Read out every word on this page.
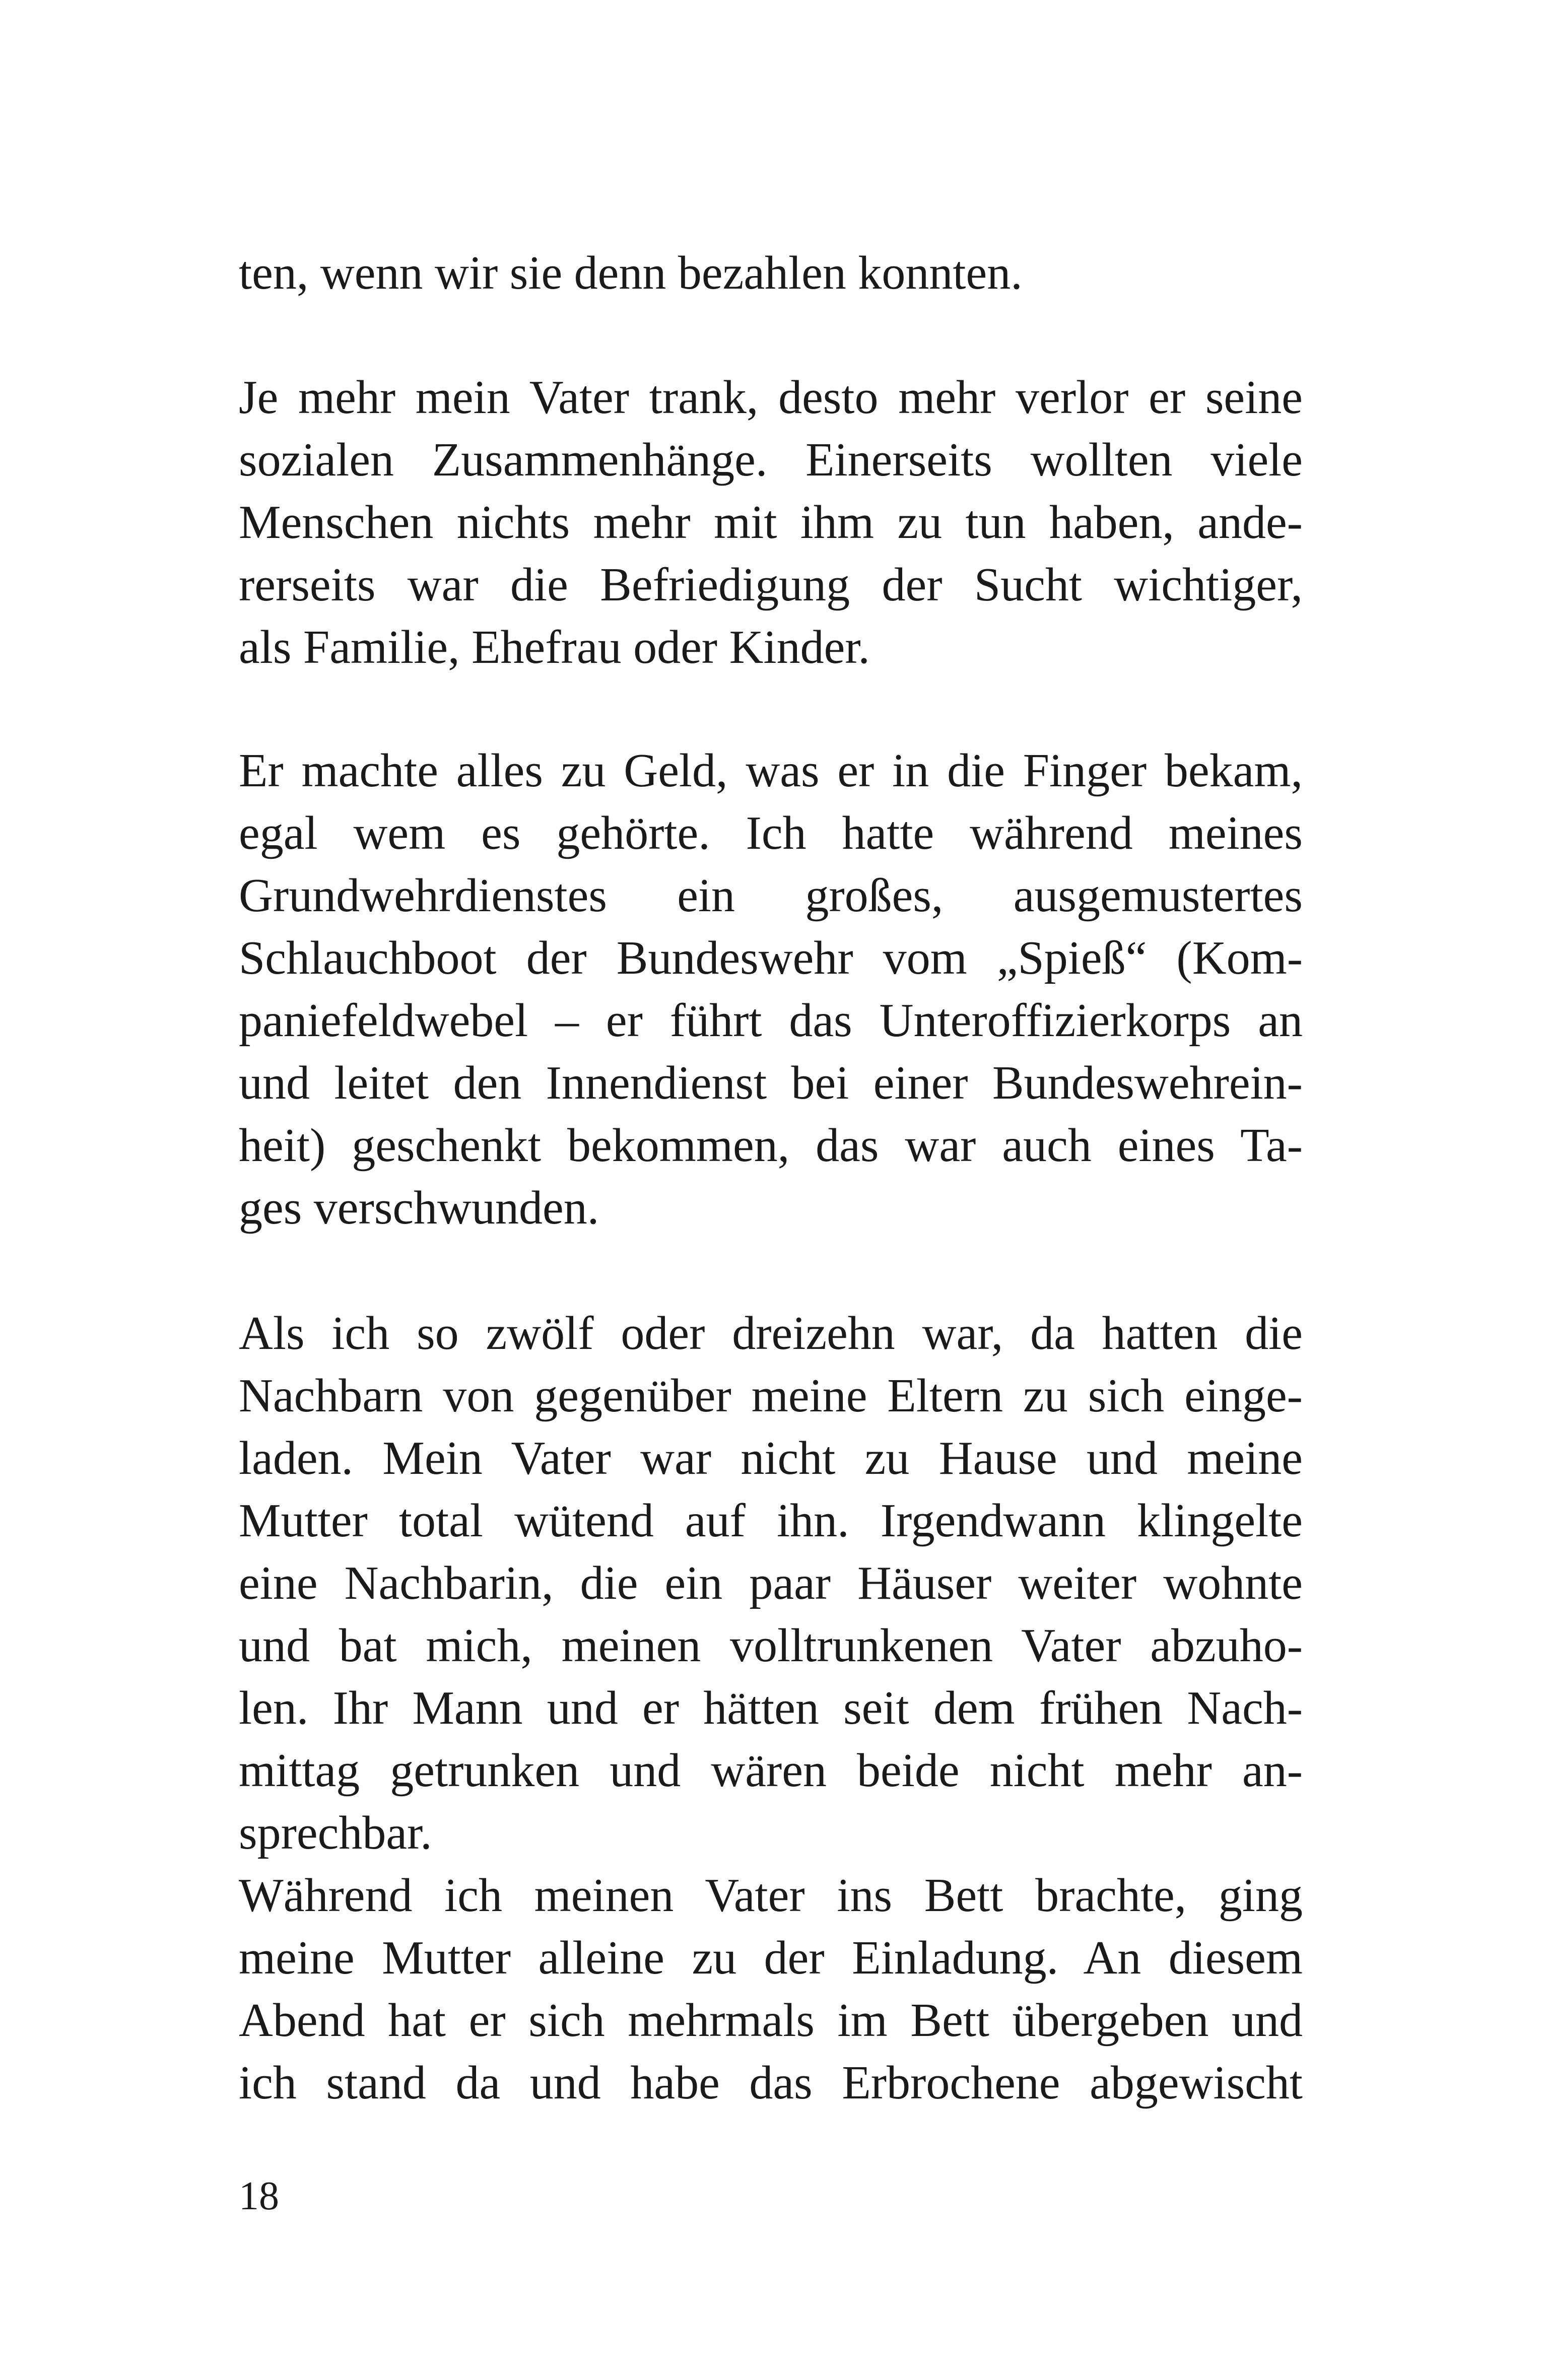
ten, wenn wir sie denn bezahlen konnten.
Je mehr mein Vater trank, desto mehr verlor er seine
sozialen Zusammenhänge. Einerseits wollten viele
Menschen nichts mehr mit ihm zu tun haben, ande-
rerseits war die Befriedigung der Sucht wichtiger,
als Familie, Ehefrau oder Kinder.
Er machte alles zu Geld, was er in die Finger bekam,
egal wem es gehörte. Ich hatte während meines
Grundwehrdienstes ein großes, ausgemustertes
Schlauchboot der Bundeswehr vom „Spieß“ (Kom-
paniefeldwebel – er führt das Unteroffizierkorps an
und leitet den Innendienst bei einer Bundeswehrein-
heit) geschenkt bekommen, das war auch eines Ta-
ges verschwunden.
Als ich so zwölf oder dreizehn war, da hatten die
Nachbarn von gegenüber meine Eltern zu sich einge-
laden. Mein Vater war nicht zu Hause und meine
Mutter total wütend auf ihn. Irgendwann klingelte
eine Nachbarin, die ein paar Häuser weiter wohnte
und bat mich, meinen volltrunkenen Vater abzuho-
len. Ihr Mann und er hätten seit dem frühen Nach-
mittag getrunken und wären beide nicht mehr an-
sprechbar.
Während ich meinen Vater ins Bett brachte, ging
meine Mutter alleine zu der Einladung. An diesem
Abend hat er sich mehrmals im Bett übergeben und
ich stand da und habe das Erbrochene abgewischt
18
